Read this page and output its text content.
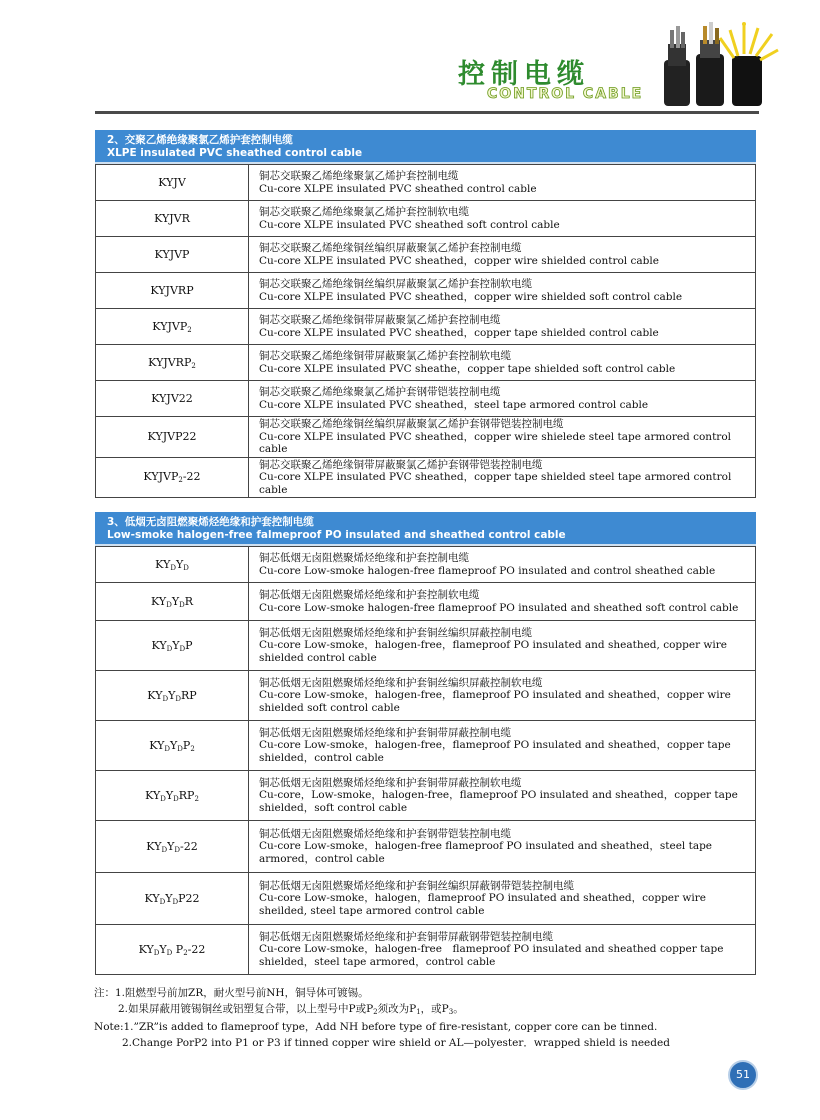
控制电缆
CONTROL CABLE
2、交聚乙烯绝缘聚氯乙烯护套控制电缆
XLPE insulated PVC sheathed control cable
KYJV	铜芯交联聚乙烯绝缘聚氯乙烯护套控制电缆
Cu-core XLPE insulated PVC sheathed control cable

KYJVR	铜芯交联聚乙烯绝缘聚氯乙烯护套控制软电缆
Cu-core XLPE insulated PVC sheathed soft control cable

KYJVP	铜芯交联聚乙烯绝缘铜丝编织屏蔽聚氯乙烯护套控制电缆
Cu-core XLPE insulated PVC sheathed，copper wire shielded control cable

KYJVRP	铜芯交联聚乙烯绝缘铜丝编织屏蔽聚氯乙烯护套控制软电缆
Cu-core XLPE insulated PVC sheathed，copper wire shielded soft control cable

$KYJVP_2$	铜芯交联聚乙烯绝缘铜带屏蔽聚氯乙烯护套控制电缆
Cu-core XLPE insulated PVC sheathed，copper tape shielded control cable

$KYJVRP_2$	铜芯交联聚乙烯绝缘铜带屏蔽聚氯乙烯护套控制软电缆
Cu-core XLPE insulated PVC sheathe，copper tape shielded soft control cable

KYJV22	铜芯交联聚乙烯绝缘聚氯乙烯护套钢带铠装控制电缆
Cu-core XLPE insulated PVC sheathed，steel tape armored control cable

KYJVP22	铜芯交联聚乙烯绝缘铜丝编织屏蔽聚氯乙烯护套钢带铠装控制电缆
Cu-core XLPE insulated PVC sheathed，copper wire shielede steel tape armored control cable

$KYJVP_2-22$	铜芯交联聚乙烯绝缘铜带屏蔽聚氯乙烯护套钢带铠装控制电缆
Cu-core XLPE insulated PVC sheathed，copper tape shielded steel tape armored control cable
3、低烟无卤阻燃聚烯烃绝缘和护套控制电缆
Low-smoke halogen-free falmeproof PO insulated and sheathed control cable
$KY_DY_D$	铜芯低烟无卤阻燃聚烯烃绝缘和护套控制电缆
Cu-core Low-smoke halogen-free flameproof PO insulated and control sheathed cable

$KY_DY_DR$	铜芯低烟无卤阻燃聚烯烃绝缘和护套控制软电缆
Cu-core Low-smoke halogen-free flameproof PO insulated and sheathed soft control cable

$KY_DY_DP$	铜芯低烟无卤阻燃聚烯烃绝缘和护套铜丝编织屏蔽控制电缆
Cu-core Low-smoke，halogen-free，flameproof PO insulated and sheathed, copper wire shielded control cable

$KY_DY_DRP$	铜芯低烟无卤阻燃聚烯烃绝缘和护套铜丝编织屏蔽控制软电缆
Cu-core Low-smoke，halogen-free，flameproof PO insulated and sheathed，copper wire shielded soft control cable

$KY_DY_DP_2$	铜芯低烟无卤阻燃聚烯烃绝缘和护套铜带屏蔽控制电缆
Cu-core Low-smoke，halogen-free，flameproof PO insulated and sheathed，copper tape shielded，control cable

$KY_DY_DRP_2$	铜芯低烟无卤阻燃聚烯烃绝缘和护套铜带屏蔽控制软电缆
Cu-core，Low-smoke，halogen-free，flameproof PO insulated and sheathed，copper tape shielded，soft control cable

$KY_DY_D-22$	铜芯低烟无卤阻燃聚烯烃绝缘和护套钢带铠装控制电缆
Cu-core Low-smoke，halogen-free flameproof PO insulated and sheathed，steel tape armored，control cable

$KY_DY_DP22$	铜芯低烟无卤阻燃聚烯烃绝缘和护套铜丝编织屏蔽钢带铠装控制电缆
Cu-core Low-smoke，halogen，flameproof PO insulated and sheathed，copper wire sheilded, steel tape armored control cable

$KY_DY_D$ $P_2-22$	铜芯低烟无卤阻燃聚烯烃绝缘和护套铜带屏蔽钢带铠装控制电缆
Cu-core Low-smoke，halogen-free　flameproof PO insulated and sheathed copper tape shielded，steel tape armored，control cable
注：1.阻燃型号前加ZR，耐火型号前NH，铜导体可镀锡。
2.如果屏蔽用镀锡铜丝或铝塑复合带，以上型号中P或$P_2$须改为$P_1$，或$P_3$。
Note:1.”ZR”is added to flameproof type，Add NH before type of fire-resistant, copper core can be tinned.
2.Change PorP2 into P1 or P3 if tinned copper wire shield or AL—polyester．wrapped shield is needed
51
